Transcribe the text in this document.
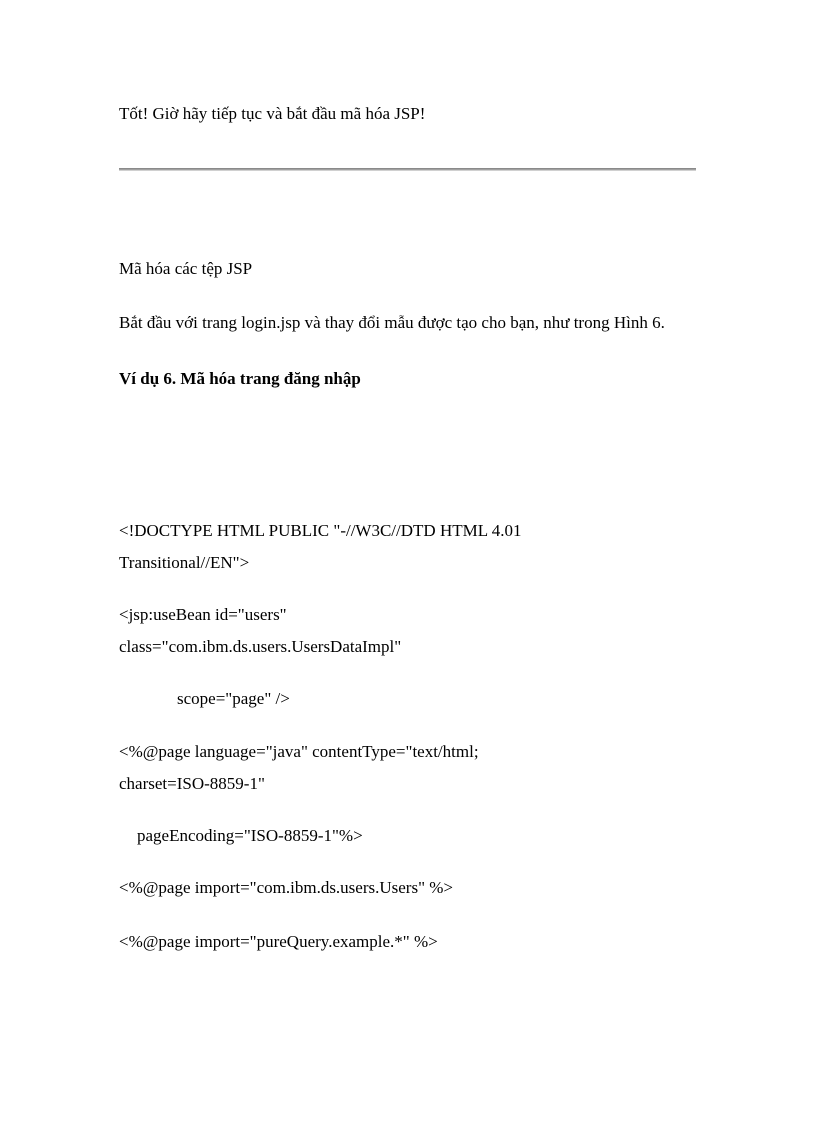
Tốt! Giờ hãy tiếp tục và bắt đầu mã hóa JSP!
Mã hóa các tệp JSP
Bắt đầu với trang login.jsp và thay đổi mẫu được tạo cho bạn, như trong Hình 6.
Ví dụ 6. Mã hóa trang đăng nhập
<!DOCTYPE HTML PUBLIC "-//W3C//DTD HTML 4.01
Transitional//EN">
<jsp:useBean id="users"
class="com.ibm.ds.users.UsersDataImpl"
scope="page" />
<%@page language="java" contentType="text/html;
charset=ISO-8859-1"
pageEncoding="ISO-8859-1"%>
<%@page import="com.ibm.ds.users.Users" %>
<%@page import="pureQuery.example.*" %>
